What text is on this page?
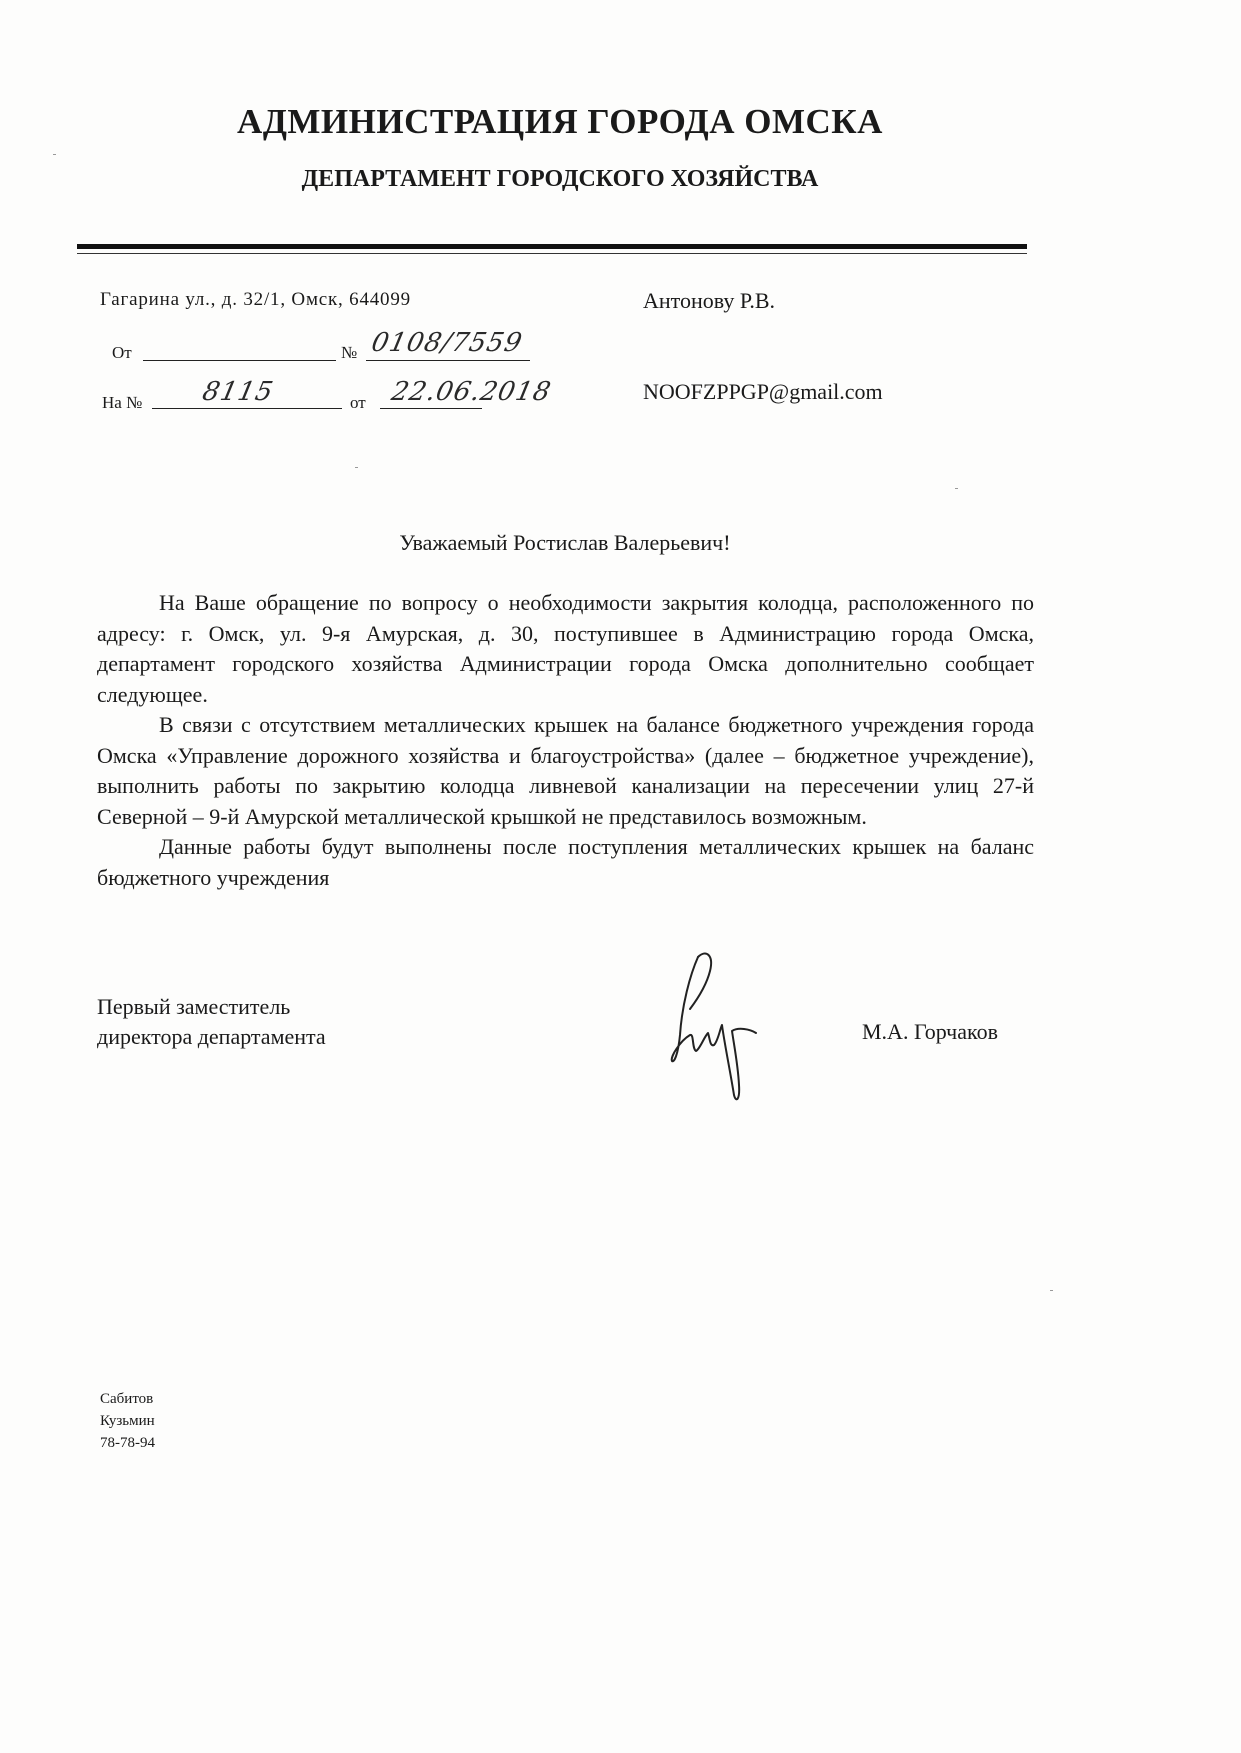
АДМИНИСТРАЦИЯ ГОРОДА ОМСКА
ДЕПАРТАМЕНТ ГОРОДСКОГО ХОЗЯЙСТВА
Гагарина ул., д. 32/1, Омск, 644099
От	№ 0108/7559
На № 8115	от 22.06.2018
Антонову Р.В.
NOOFZPPGP@gmail.com
Уважаемый Ростислав Валерьевич!

На Ваше обращение по вопросу о необходимости закрытия колодца, расположенного по адресу: г. Омск, ул. 9-я Амурская, д. 30, поступившее в Администрацию города Омска, департамент городского хозяйства Администрации города Омска дополнительно сообщает следующее.

В связи с отсутствием металлических крышек на балансе бюджетного учреждения города Омска «Управление дорожного хозяйства и благоустройства» (далее – бюджетное учреждение), выполнить работы по закрытию колодца ливневой канализации на пересечении улиц 27-й Северной – 9-й Амурской металлической крышкой не представилось возможным.

Данные работы будут выполнены после поступления металлических крышек на баланс бюджетного учреждения

Первый заместитель
директора департамента	М.А. Горчаков
Сабитов
Кузьмин
78-78-94
